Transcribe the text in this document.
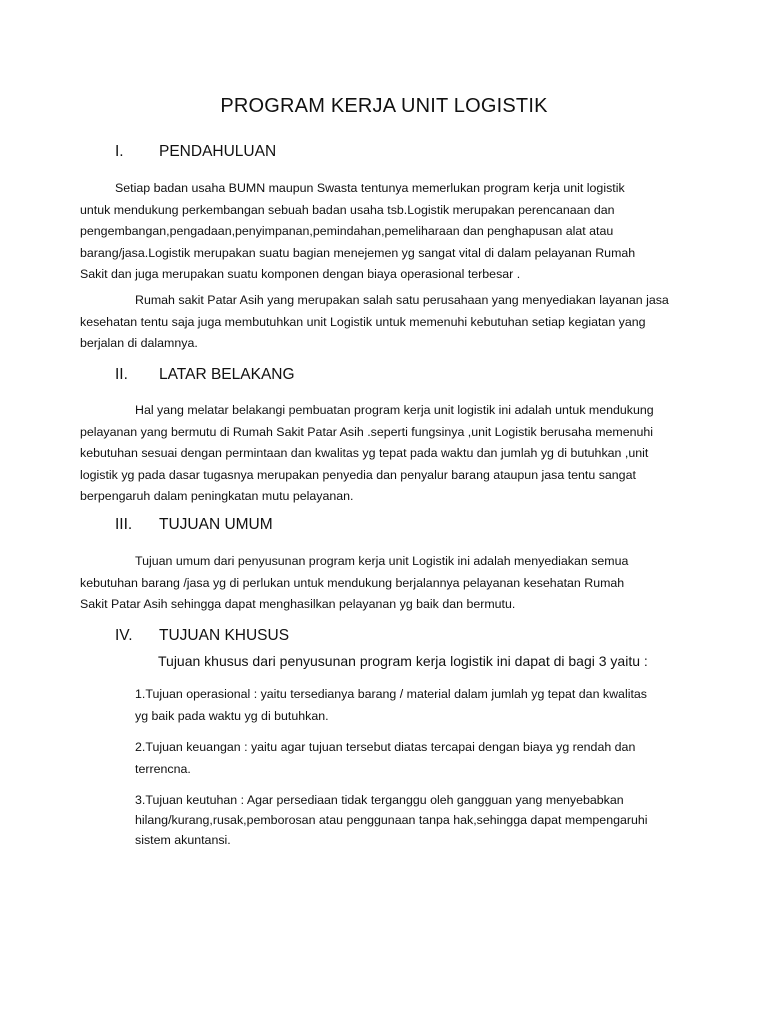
PROGRAM KERJA UNIT LOGISTIK
I. PENDAHULUAN

Setiap badan usaha BUMN maupun Swasta tentunya memerlukan program kerja unit logistik
untuk mendukung perkembangan sebuah badan usaha tsb.Logistik merupakan perencanaan dan
pengembangan,pengadaan,penyimpanan,pemindahan,pemeliharaan dan penghapusan alat atau
barang/jasa.Logistik merupakan suatu bagian menejemen yg sangat vital di dalam pelayanan Rumah
Sakit dan juga merupakan suatu komponen dengan biaya operasional terbesar .

Rumah sakit Patar Asih yang merupakan salah satu perusahaan yang menyediakan layanan jasa
kesehatan tentu saja juga membutuhkan unit Logistik untuk memenuhi kebutuhan setiap kegiatan yang
berjalan di dalamnya.

II. LATAR BELAKANG

Hal yang melatar belakangi pembuatan program kerja unit logistik ini adalah untuk mendukung
pelayanan yang bermutu di Rumah Sakit Patar Asih .seperti fungsinya ,unit Logistik berusaha memenuhi
kebutuhan sesuai dengan permintaan dan kwalitas yg tepat pada waktu dan jumlah yg di butuhkan ,unit
logistik yg pada dasar tugasnya merupakan penyedia dan penyalur barang ataupun jasa tentu sangat
berpengaruh dalam peningkatan mutu pelayanan.

III. TUJUAN UMUM

Tujuan umum dari penyusunan program kerja unit Logistik ini adalah menyediakan semua
kebutuhan barang /jasa yg di perlukan untuk mendukung berjalannya pelayanan kesehatan Rumah
Sakit Patar Asih sehingga dapat menghasilkan pelayanan yg baik dan bermutu.

IV. TUJUAN KHUSUS
Tujuan khusus dari penyusunan program kerja logistik ini dapat di bagi 3 yaitu :

1.Tujuan operasional : yaitu tersedianya barang / material dalam jumlah yg tepat dan kwalitas
yg baik pada waktu yg di butuhkan.

2.Tujuan keuangan : yaitu agar tujuan tersebut diatas tercapai dengan biaya yg rendah dan
terrencna.

3.Tujuan keutuhan : Agar persediaan tidak terganggu oleh gangguan yang menyebabkan
hilang/kurang,rusak,pemborosan atau penggunaan tanpa hak,sehingga dapat mempengaruhi
sistem akuntansi.
